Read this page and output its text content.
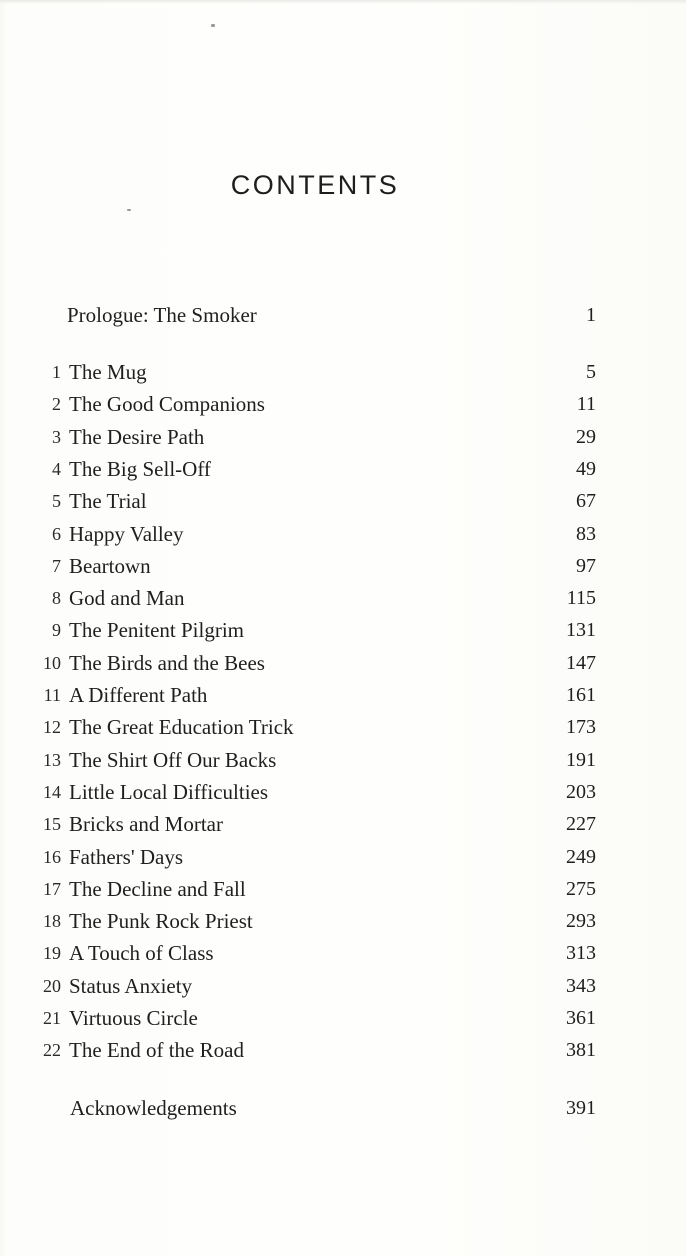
CONTENTS
Prologue: The Smoker	1
1 The Mug	5
2 The Good Companions	11
3 The Desire Path	29
4 The Big Sell-Off	49
5 The Trial	67
6 Happy Valley	83
7 Beartown	97
8 God and Man	115
9 The Penitent Pilgrim	131
10 The Birds and the Bees	147
11 A Different Path	161
12 The Great Education Trick	173
13 The Shirt Off Our Backs	191
14 Little Local Difficulties	203
15 Bricks and Mortar	227
16 Fathers' Days	249
17 The Decline and Fall	275
18 The Punk Rock Priest	293
19 A Touch of Class	313
20 Status Anxiety	343
21 Virtuous Circle	361
22 The End of the Road	381
Acknowledgements	391
